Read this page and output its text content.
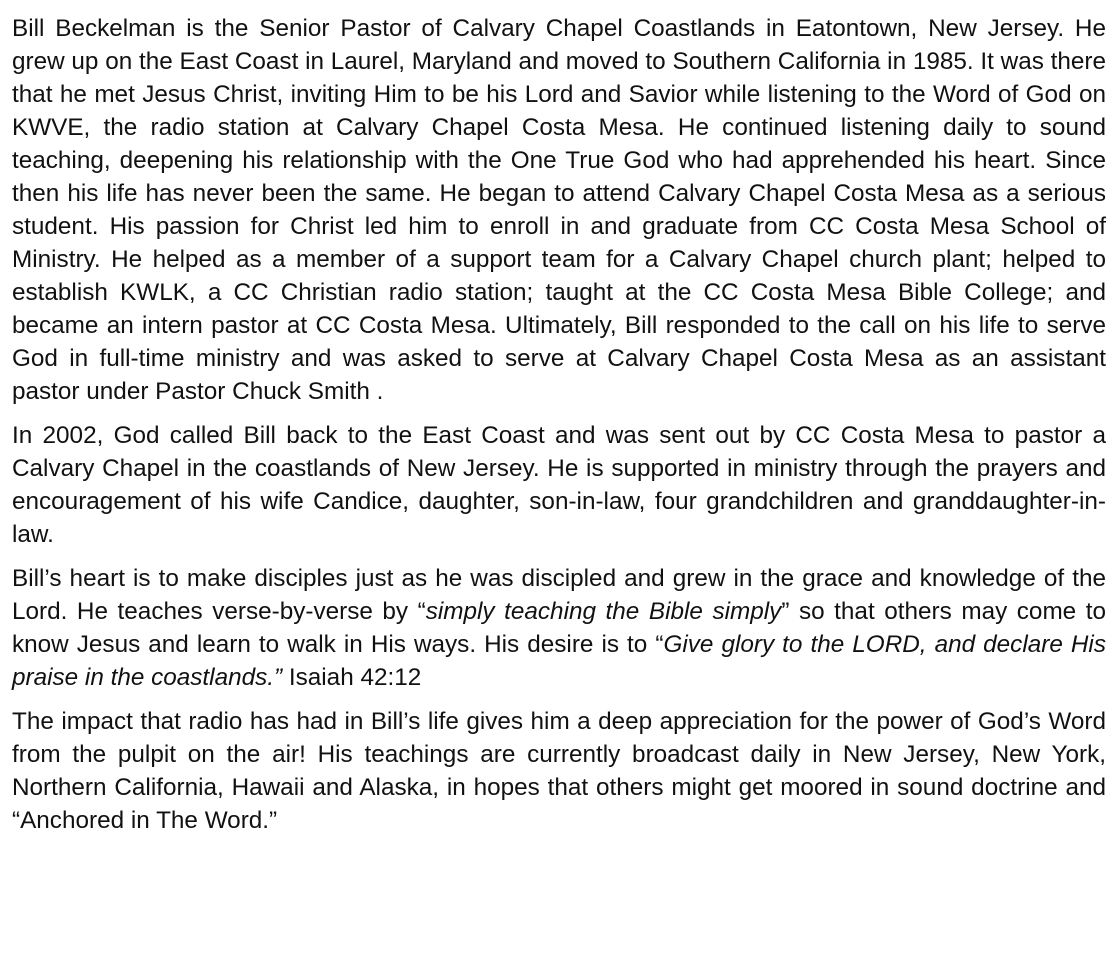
Bill Beckelman is the Senior Pastor of Calvary Chapel Coastlands in Eatontown, New Jersey. He grew up on the East Coast in Laurel, Maryland and moved to Southern California in 1985. It was there that he met Jesus Christ, inviting Him to be his Lord and Savior while listening to the Word of God on KWVE, the radio station at Calvary Chapel Costa Mesa. He continued listening daily to sound teaching, deepening his relationship with the One True God who had apprehended his heart. Since then his life has never been the same. He began to attend Calvary Chapel Costa Mesa as a serious student. His passion for Christ led him to enroll in and graduate from CC Costa Mesa School of Ministry. He helped as a member of a support team for a Calvary Chapel church plant; helped to establish KWLK, a CC Christian radio station; taught at the CC Costa Mesa Bible College; and became an intern pastor at CC Costa Mesa. Ultimately, Bill responded to the call on his life to serve God in full-time ministry and was asked to serve at Calvary Chapel Costa Mesa as an assistant pastor under Pastor Chuck Smith .

In 2002, God called Bill back to the East Coast and was sent out by CC Costa Mesa to pastor a Calvary Chapel in the coastlands of New Jersey. He is supported in ministry through the prayers and encouragement of his wife Candice, daughter, son-in-law, four grandchildren and granddaughter-in-law.

Bill’s heart is to make disciples just as he was discipled and grew in the grace and knowledge of the Lord. He teaches verse-by-verse by “simply teaching the Bible simply” so that others may come to know Jesus and learn to walk in His ways. His desire is to “Give glory to the LORD, and declare His praise in the coastlands.” Isaiah 42:12

The impact that radio has had in Bill’s life gives him a deep appreciation for the power of God’s Word from the pulpit on the air! His teachings are currently broadcast daily in New Jersey, New York, Northern California, Hawaii and Alaska, in hopes that others might get moored in sound doctrine and “Anchored in The Word.”
